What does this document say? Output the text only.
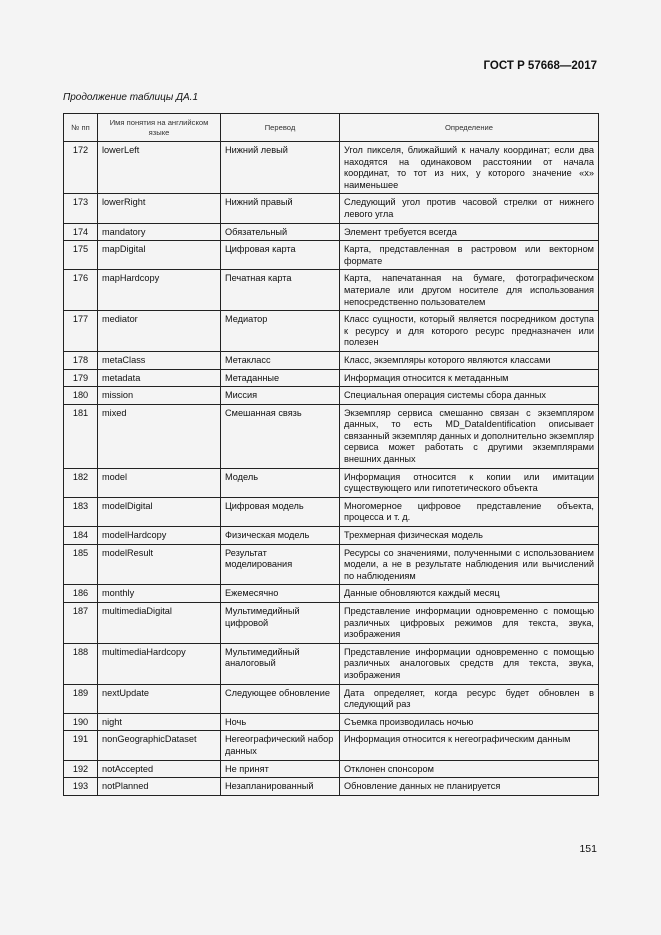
ГОСТ Р 57668—2017
Продолжение таблицы ДА.1
№ пп	Имя понятия на английском языке	Перевод	Определение
172	lowerLeft	Нижний левый	Угол пикселя, ближайший к началу координат; если два находятся на одинаковом расстоянии от начала координат, то тот из них, у которого значение «х» наименьшее
173	lowerRight	Нижний правый	Следующий угол против часовой стрелки от нижнего левого угла
174	mandatory	Обязательный	Элемент требуется всегда
175	mapDigital	Цифровая карта	Карта, представленная в растровом или векторном формате
176	mapHardcopy	Печатная карта	Карта, напечатанная на бумаге, фотографическом материале или другом носителе для использования непосредственно пользователем
177	mediator	Медиатор	Класс сущности, который является посредником доступа к ресурсу и для которого ресурс предназначен или полезен
178	metaClass	Метакласс	Класс, экземпляры которого являются классами
179	metadata	Метаданные	Информация относится к метаданным
180	mission	Миссия	Специальная операция системы сбора данных
181	mixed	Смешанная связь	Экземпляр сервиса смешанно связан с экземпляром данных, то есть MD_DataIdentification описывает связанный экземпляр данных и дополнительно экземпляр сервиса может работать с другими экземплярами внешних данных
182	model	Модель	Информация относится к копии или имитации существующего или гипотетического объекта
183	modelDigital	Цифровая модель	Многомерное цифровое представление объекта, процесса и т. д.
184	modelHardcopy	Физическая модель	Трехмерная физическая модель
185	modelResult	Результат моделирования	Ресурсы со значениями, полученными с использованием модели, а не в результате наблюдения или вычислений по наблюдениям
186	monthly	Ежемесячно	Данные обновляются каждый месяц
187	multimediaDigital	Мультимедийный цифровой	Представление информации одновременно с помощью различных цифровых режимов для текста, звука, изображения
188	multimediaHardcopy	Мультимедийный аналоговый	Представление информации одновременно с помощью различных аналоговых средств для текста, звука, изображения
189	nextUpdate	Следующее обновление	Дата определяет, когда ресурс будет обновлен в следующий раз
190	night	Ночь	Съемка производилась ночью
191	nonGeographicDataset	Негеографический набор данных	Информация относится к негеографическим данным
192	notAccepted	Не принят	Отклонен спонсором
193	notPlanned	Незапланированный	Обновление данных не планируется
151
